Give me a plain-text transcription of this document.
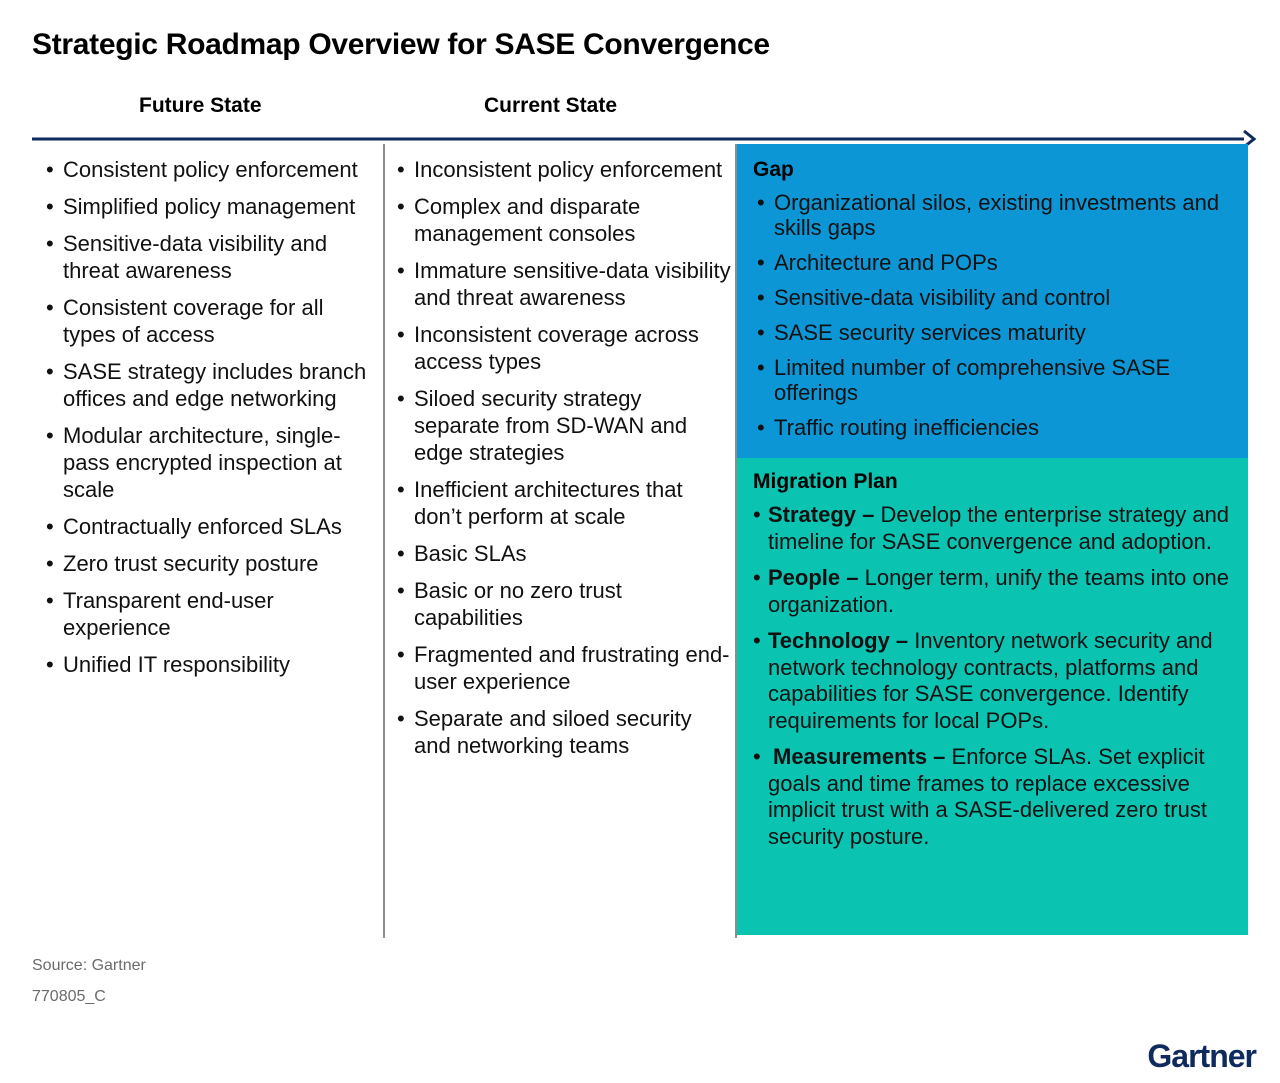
Strategic Roadmap Overview for SASE Convergence
Future State	Current State
• Consistent policy enforcement
• Simplified policy management
• Sensitive-data visibility and threat awareness
• Consistent coverage for all types of access
• SASE strategy includes branch offices and edge networking
• Modular architecture, single-pass encrypted inspection at scale
• Contractually enforced SLAs
• Zero trust security posture
• Transparent end-user experience
• Unified IT responsibility
• Inconsistent policy enforcement
• Complex and disparate management consoles
• Immature sensitive-data visibility and threat awareness
• Inconsistent coverage across access types
• Siloed security strategy separate from SD-WAN and edge strategies
• Inefficient architectures that don’t perform at scale
• Basic SLAs
• Basic or no zero trust capabilities
• Fragmented and frustrating end-user experience
• Separate and siloed security and networking teams
Gap
• Organizational silos, existing investments and skills gaps
• Architecture and POPs
• Sensitive-data visibility and control
• SASE security services maturity
• Limited number of comprehensive SASE offerings
• Traffic routing inefficiencies
Migration Plan
• Strategy – Develop the enterprise strategy and timeline for SASE convergence and adoption.
• People – Longer term, unify the teams into one organization.
• Technology – Inventory network security and network technology contracts, platforms and capabilities for SASE convergence. Identify requirements for local POPs.
• Measurements – Enforce SLAs. Set explicit goals and time frames to replace excessive implicit trust with a SASE-delivered zero trust security posture.
Source: Gartner
770805_C
Gartner
